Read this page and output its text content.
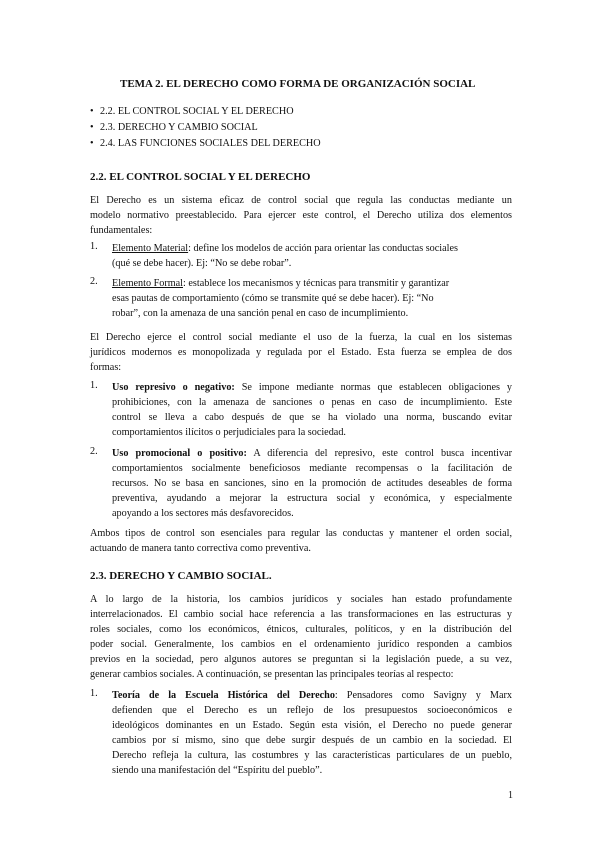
TEMA 2. EL DERECHO COMO FORMA DE ORGANIZACIÓN SOCIAL
• 2.2. EL CONTROL SOCIAL Y EL DERECHO
• 2.3. DERECHO Y CAMBIO SOCIAL
• 2.4. LAS FUNCIONES SOCIALES DEL DERECHO
2.2. EL CONTROL SOCIAL Y EL DERECHO
El Derecho es un sistema eficaz de control social que regula las conductas mediante un
modelo normativo preestablecido. Para ejercer este control, el Derecho utiliza dos elementos
fundamentales:
1. Elemento Material: define los modelos de acción para orientar las conductas sociales
(qué se debe hacer). Ej: “No se debe robar”.
2. Elemento Formal: establece los mecanismos y técnicas para transmitir y garantizar
esas pautas de comportamiento (cómo se transmite qué se debe hacer). Ej: “No
robar”, con la amenaza de una sanción penal en caso de incumplimiento.
El Derecho ejerce el control social mediante el uso de la fuerza, la cual en los sistemas
jurídicos modernos es monopolizada y regulada por el Estado. Esta fuerza se emplea de dos
formas:
1. Uso represivo o negativo: Se impone mediante normas que establecen obligaciones y
prohibiciones, con la amenaza de sanciones o penas en caso de incumplimiento. Este
control se lleva a cabo después de que se ha violado una norma, buscando evitar
comportamientos ilícitos o perjudiciales para la sociedad.
2. Uso promocional o positivo: A diferencia del represivo, este control busca incentivar
comportamientos socialmente beneficiosos mediante recompensas o la facilitación de
recursos. No se basa en sanciones, sino en la promoción de actitudes deseables de forma
preventiva, ayudando a mejorar la estructura social y económica, y especialmente
apoyando a los sectores más desfavorecidos.
Ambos tipos de control son esenciales para regular las conductas y mantener el orden social,
actuando de manera tanto correctiva como preventiva.
2.3. DERECHO Y CAMBIO SOCIAL.
A lo largo de la historia, los cambios jurídicos y sociales han estado profundamente
interrelacionados. El cambio social hace referencia a las transformaciones en las estructuras y
roles sociales, como los económicos, étnicos, culturales, políticos, y en la distribución del
poder social. Generalmente, los cambios en el ordenamiento jurídico responden a cambios
previos en la sociedad, pero algunos autores se preguntan si la legislación puede, a su vez,
generar cambios sociales. A continuación, se presentan las principales teorías al respecto:
1. Teoría de la Escuela Histórica del Derecho: Pensadores como Savigny y Marx
defienden que el Derecho es un reflejo de los presupuestos socioeconómicos e
ideológicos dominantes en un Estado. Según esta visión, el Derecho no puede generar
cambios por sí mismo, sino que debe surgir después de un cambio en la sociedad. El
Derecho refleja la cultura, las costumbres y las características particulares de un pueblo,
siendo una manifestación del “Espíritu del pueblo”.
1
